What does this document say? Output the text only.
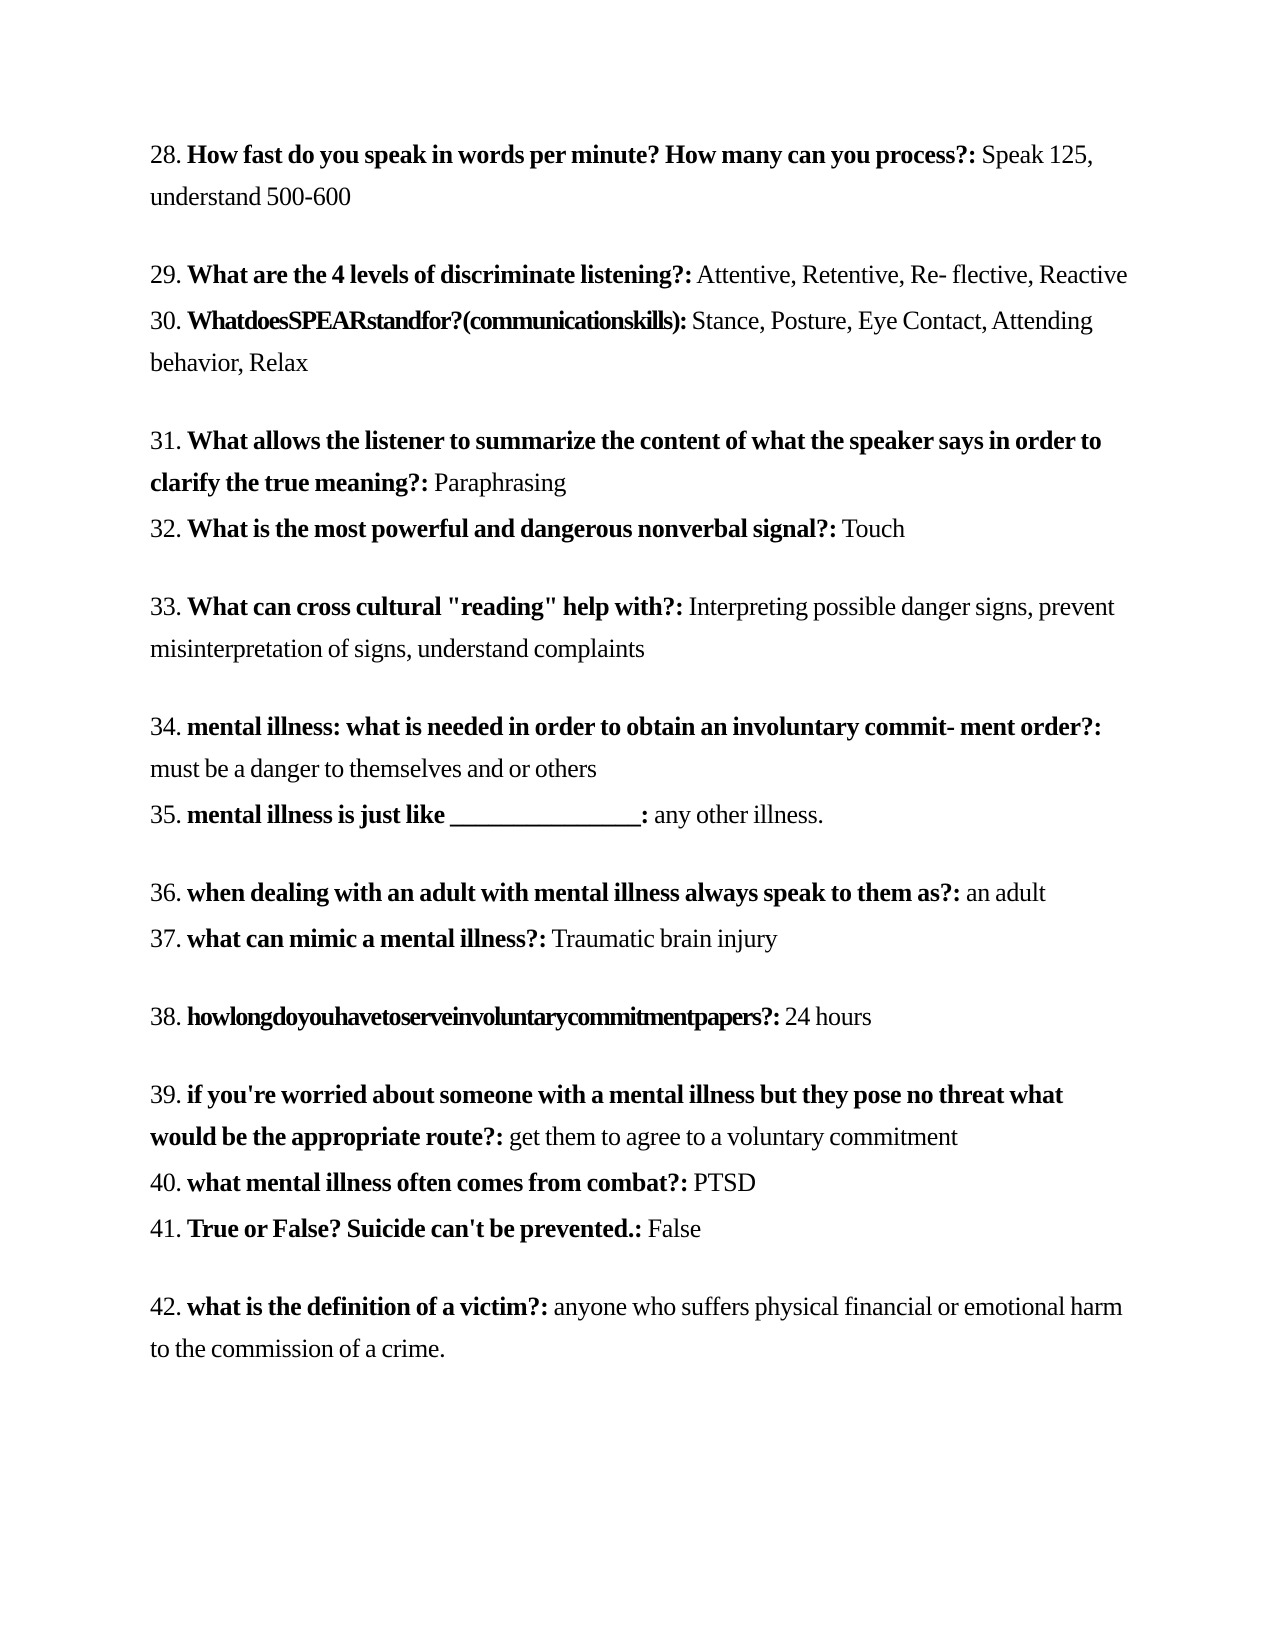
28. How fast do you speak in words per minute? How many can you process?: Speak 125, understand 500-600

29. What are the 4 levels of discriminate listening?: Attentive, Retentive, Re- flective, Reactive

30. What does SPEAR stand for? (communication skills): Stance, Posture, Eye Contact, Attending behavior, Relax

31. What allows the listener to summarize the content of what the speaker says in order to clarify the true meaning?: Paraphrasing

32. What is the most powerful and dangerous nonverbal signal?: Touch

33. What can cross cultural "reading" help with?: Interpreting possible danger signs, prevent misinterpretation of signs, understand complaints

34. mental illness: what is needed in order to obtain an involuntary commit- ment order?: must be a danger to themselves and or others

35. mental illness is just like _______________: any other illness.

36. when dealing with an adult with mental illness always speak to them as?: an adult

37. what can mimic a mental illness?: Traumatic brain injury

38. how long do you have to serve involuntary commitment papers?: 24 hours

39. if you're worried about someone with a mental illness but they pose no threat what would be the appropriate route?: get them to agree to a voluntary commitment

40. what mental illness often comes from combat?: PTSD

41. True or False? Suicide can't be prevented.: False

42. what is the definition of a victim?: anyone who suffers physical financial or emotional harm to the commission of a crime.
